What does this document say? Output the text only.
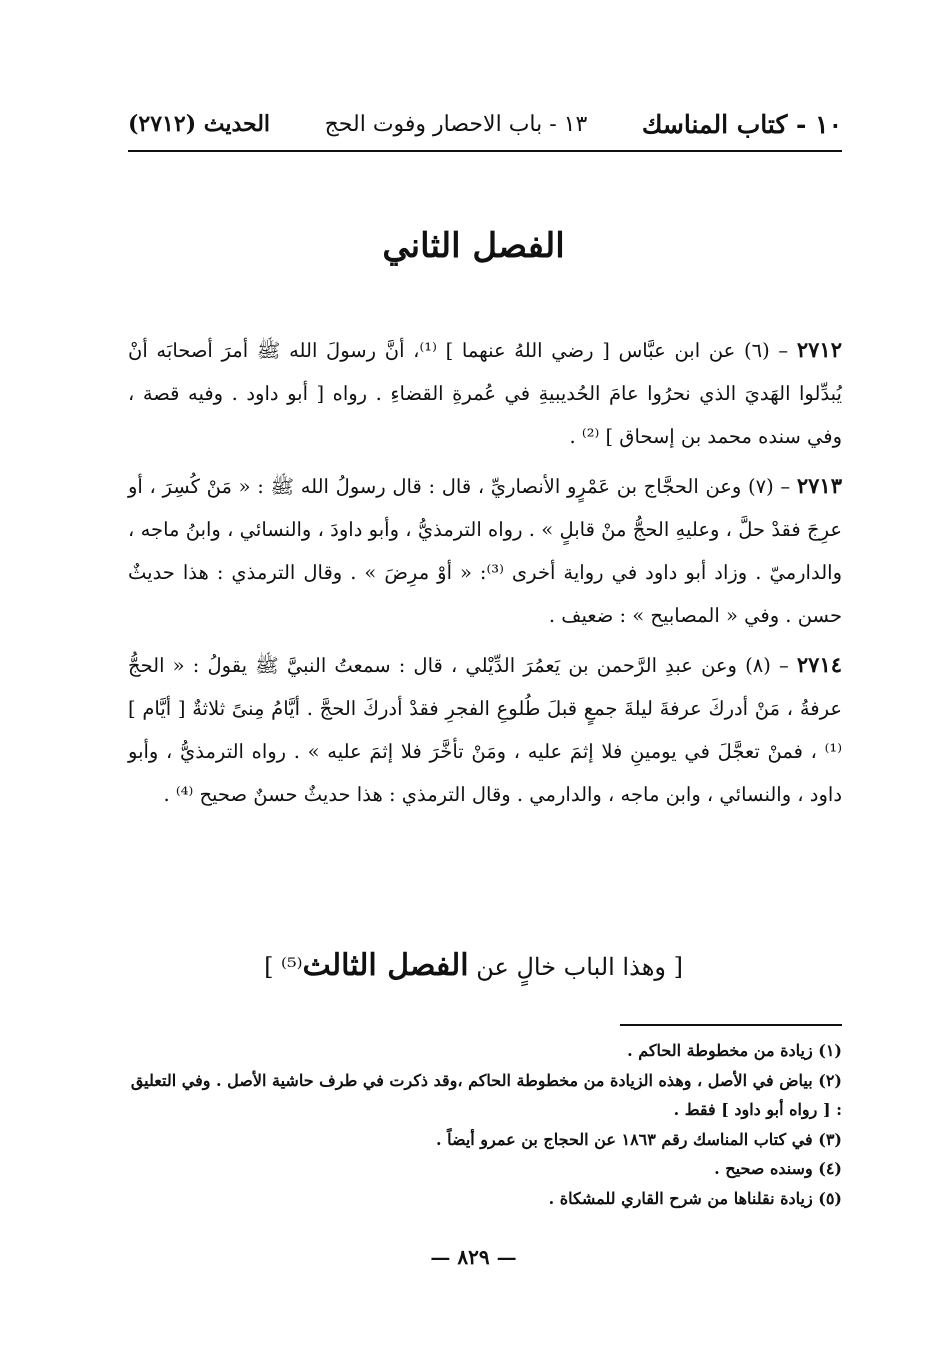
١٠ - كتاب المناسك
١٣ - باب الاحصار وفوت الحج
الحديث (٢٧١٢)
الفصل الثاني

٢٧١٢ – (٦) عن ابن عبَّاس [ رضي اللهُ عنهما ] ⁽¹⁾، أنَّ رسولَ الله ﷺ أمرَ أصحابَه أنْ يُبدِّلوا الهَديَ الذي نحرُوا عامَ الحُديبيةِ في عُمرةِ القضاءِ . رواه [ أبو داود . وفيه قصة ، وفي سنده محمد بن إسحاق ] ⁽²⁾ .

٢٧١٣ – (٧) وعن الحجَّاج بن عَمْرٍو الأنصاريِّ ، قال : قال رسولُ الله ﷺ : « مَنْ كُسِرَ ، أو عرِجَ فقدْ حلَّ ، وعليهِ الحجُّ منْ قابلٍ » . رواه الترمذيُّ ، وأبو داودَ ، والنسائي ، وابنُ ماجه ، والدارميّ . وزاد أبو داود في رواية أخرى ⁽³⁾: « أوْ مرِضَ » . وقال الترمذي : هذا حديثٌ حسن . وفي « المصابيح » : ضعيف .

٢٧١٤ – (٨) وعن عبدِ الرَّحمن بن يَعمُرَ الدِّيْلي ، قال : سمعتُ النبيَّ ﷺ يقولُ : « الحجُّ عرفةُ ، مَنْ أدركَ عرفةَ ليلةَ جمعٍ قبلَ طُلوعِ الفجرِ فقدْ أدركَ الحجَّ . أيَّامُ مِنىً ثلاثةٌ [ أيَّام ] ⁽¹⁾ ، فمنْ تعجَّلَ في يومينِ فلا إثمَ عليه ، ومَنْ تأخَّرَ فلا إثمَ عليه » . رواه الترمذيُّ ، وأبو داود ، والنسائي ، وابن ماجه ، والدارمي . وقال الترمذي : هذا حديثٌ حسنٌ صحيح ⁽⁴⁾ .

[ وهذا الباب خالٍ عن الفصل الثالث⁽⁵⁾ ]

(١) زيادة من مخطوطة الحاكم .

(٢) بياض في الأصل ، وهذه الزيادة من مخطوطة الحاكم ،وقد ذكرت في طرف حاشية الأصل . وفي التعليق : [ رواه أبو داود ] فقط .

(٣) في كتاب المناسك رقم ١٨٦٣ عن الحجاج بن عمرو أيضاً .

(٤) وسنده صحيح .

(٥) زيادة نقلناها من شرح القاري للمشكاة .

— ٨٢٩ —
